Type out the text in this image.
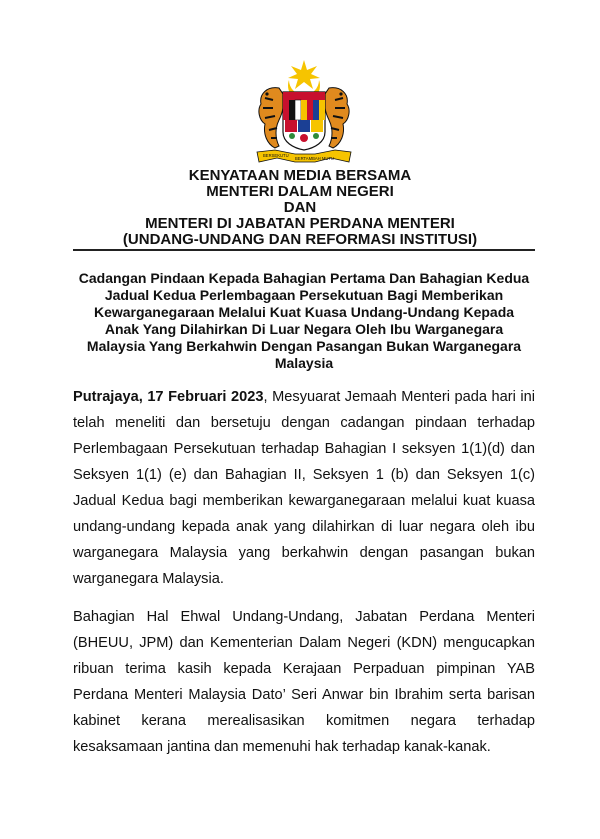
BERSEKUTU
BERTAMBAH MUTU
KENYATAAN MEDIA BERSAMA
MENTERI DALAM NEGERI
DAN
MENTERI DI JABATAN PERDANA MENTERI
(UNDANG-UNDANG DAN REFORMASI INSTITUSI)
Cadangan Pindaan Kepada Bahagian Pertama Dan Bahagian Kedua
Jadual Kedua Perlembagaan Persekutuan Bagi Memberikan
Kewarganegaraan Melalui Kuat Kuasa Undang-Undang Kepada
Anak Yang Dilahirkan Di Luar Negara Oleh Ibu Warganegara
Malaysia Yang Berkahwin Dengan Pasangan Bukan Warganegara
Malaysia
Putrajaya, 17 Februari 2023, Mesyuarat Jemaah Menteri pada hari ini telah meneliti dan bersetuju dengan cadangan pindaan terhadap Perlembagaan Persekutuan terhadap Bahagian I seksyen 1(1)(d) dan Seksyen 1(1) (e) dan Bahagian II, Seksyen 1 (b) dan Seksyen 1(c) Jadual Kedua bagi memberikan kewarganegaraan melalui kuat kuasa undang-undang kepada anak yang dilahirkan di luar negara oleh ibu warganegara Malaysia yang berkahwin dengan pasangan bukan warganegara Malaysia.
Bahagian Hal Ehwal Undang-Undang, Jabatan Perdana Menteri (BHEUU, JPM) dan Kementerian Dalam Negeri (KDN) mengucapkan ribuan terima kasih kepada Kerajaan Perpaduan pimpinan YAB Perdana Menteri Malaysia Dato’ Seri Anwar bin Ibrahim serta barisan kabinet kerana merealisasikan komitmen negara terhadap kesaksamaan jantina dan memenuhi hak terhadap kanak-kanak.
